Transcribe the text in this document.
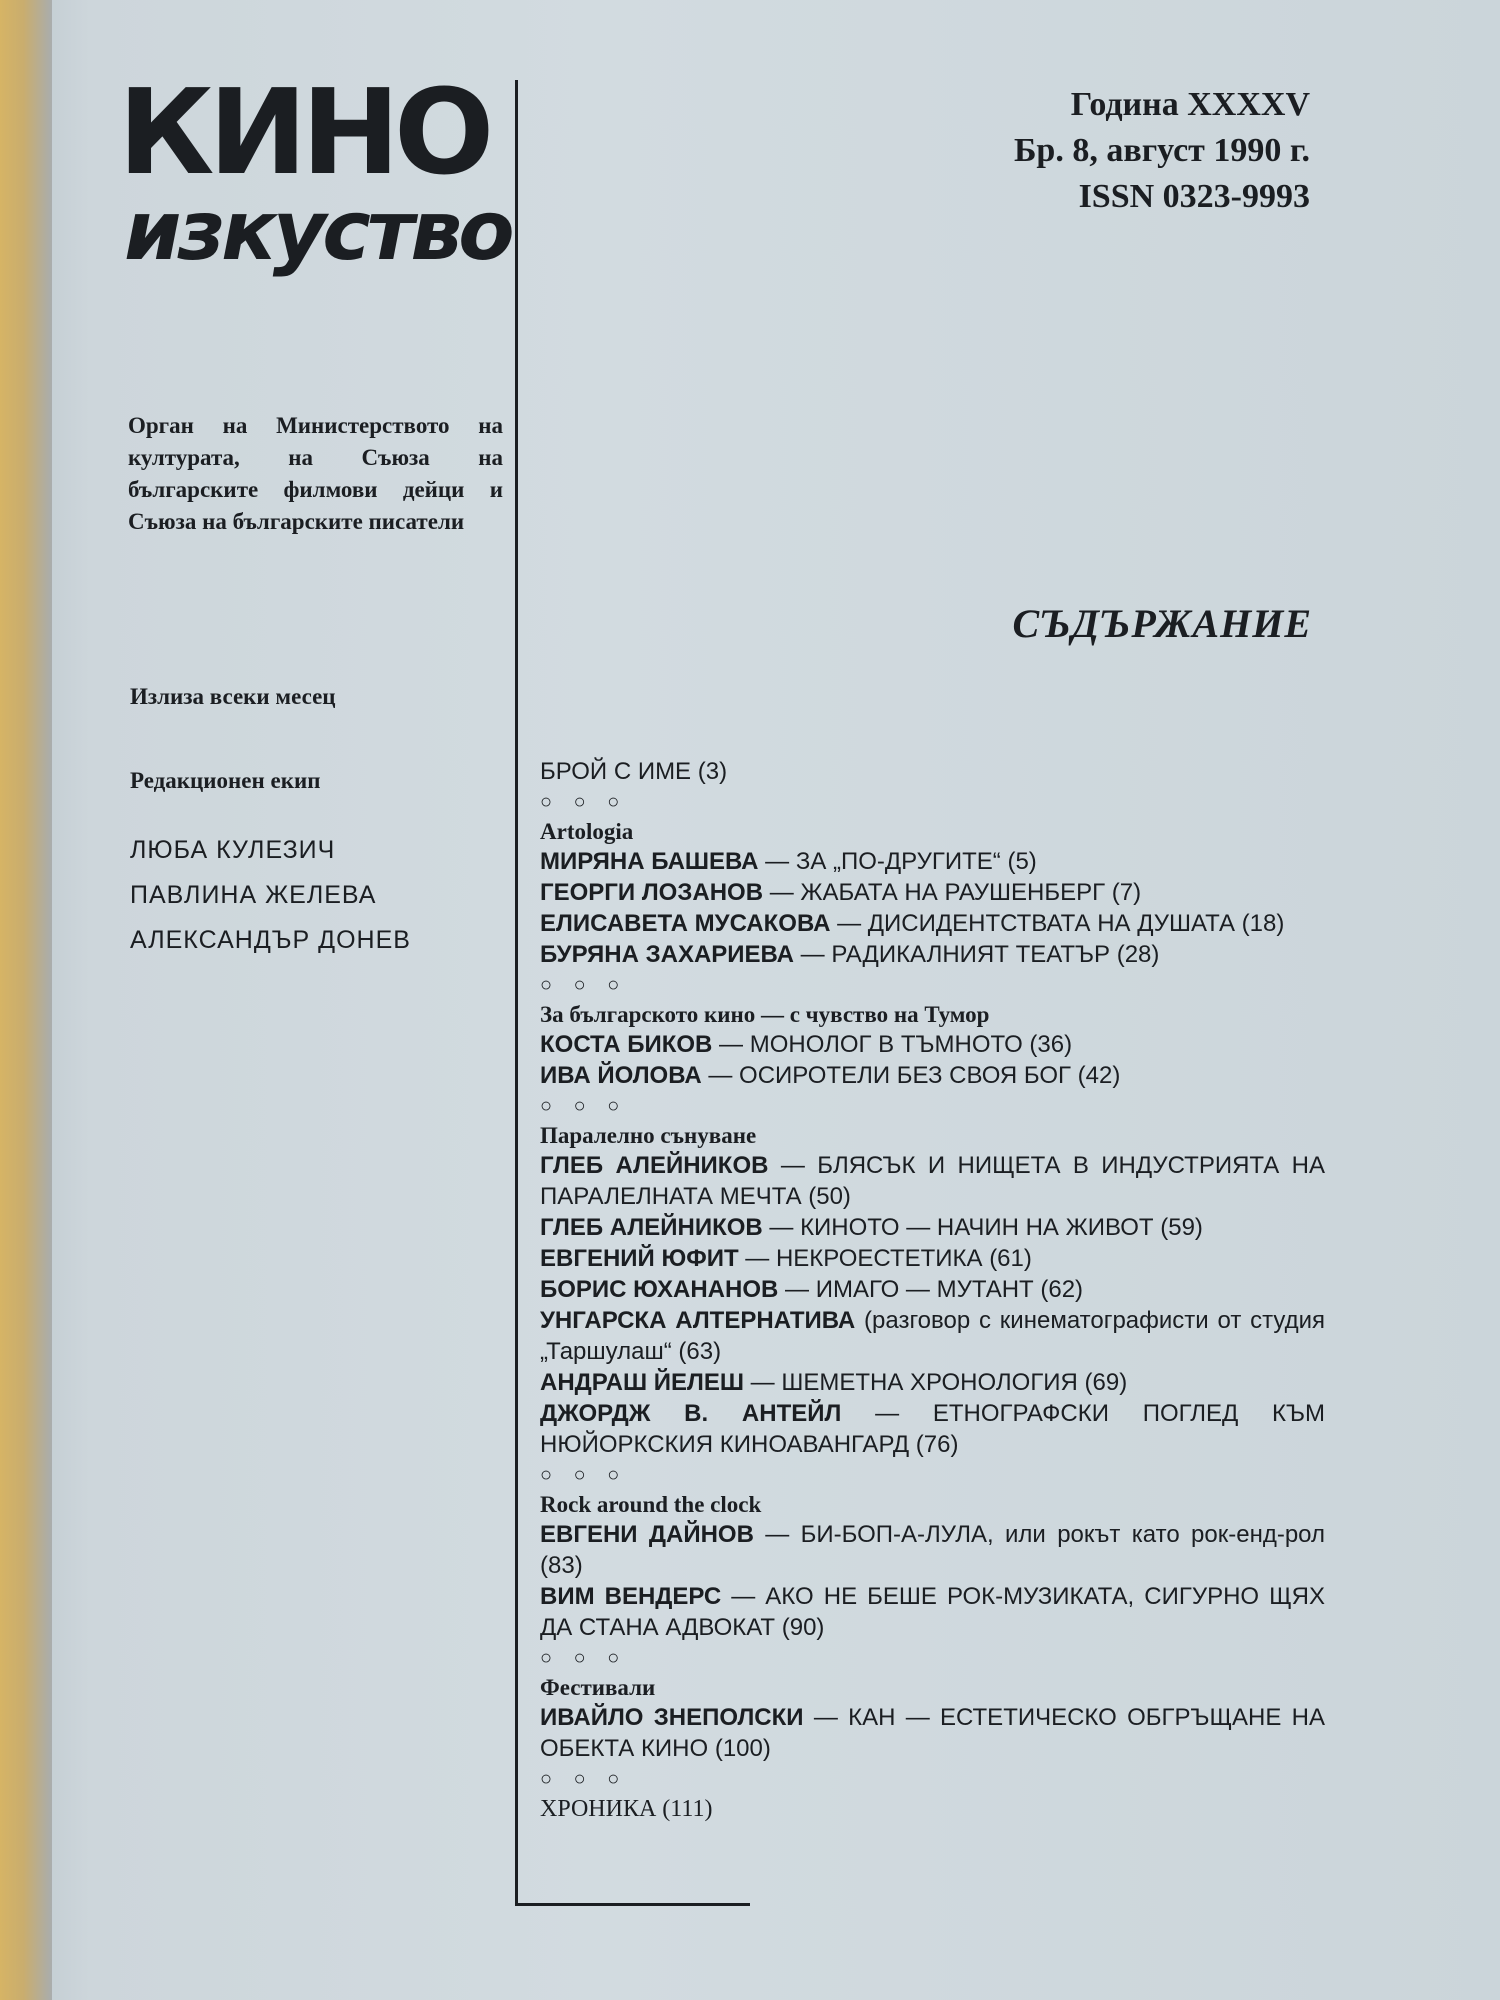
КИНО
изкуство
Орган на Министерството на културата, на Съюза на българските филмови дейци и Съюза на българските писатели
Излиза всеки месец
Редакционен екип
ЛЮБА КУЛЕЗИЧ
ПАВЛИНА ЖЕЛЕВА
АЛЕКСАНДЪР ДОНЕВ
Година XXXXV
Бр. 8, август 1990 г.
ISSN 0323-9993
СЪДЪРЖАНИЕ
БРОЙ С ИМЕ (3)
○ ○ ○
Artologia
МИРЯНА БАШЕВА — ЗА „ПО-ДРУГИТЕ“ (5)
ГЕОРГИ ЛОЗАНОВ — ЖАБАТА НА РАУШЕНБЕРГ (7)
ЕЛИСАВЕТА МУСАКОВА — ДИСИДЕНТСТВАТА НА ДУШАТА (18)
БУРЯНА ЗАХАРИЕВА — РАДИКАЛНИЯТ ТЕАТЪР (28)
○ ○ ○
За българското кино — с чувство на Тумор
КОСТА БИКОВ — МОНОЛОГ В ТЪМНОТО (36)
ИВА ЙОЛОВА — ОСИРОТЕЛИ БЕЗ СВОЯ БОГ (42)
○ ○ ○
Паралелно сънуване
ГЛЕБ АЛЕЙНИКОВ — БЛЯСЪК И НИЩЕТА В ИНДУСТРИЯТА НА ПАРАЛЕЛНАТА МЕЧТА (50)
ГЛЕБ АЛЕЙНИКОВ — КИНОТО — НАЧИН НА ЖИВОТ (59)
ЕВГЕНИЙ ЮФИТ — НЕКРОЕСТЕТИКА (61)
БОРИС ЮХАНАНОВ — ИМАГО — МУТАНТ (62)
УНГАРСКА АЛТЕРНАТИВА (разговор с кинематографисти от студия „Таршулаш“ (63)
АНДРАШ ЙЕЛЕШ — ШЕМЕТНА ХРОНОЛОГИЯ (69)
ДЖОРДЖ В. АНТЕЙЛ — ЕТНОГРАФСКИ ПОГЛЕД КЪМ НЮЙОРКСКИЯ КИНОАВАНГАРД (76)
○ ○ ○
Rock around the clock
ЕВГЕНИ ДАЙНОВ — БИ-БОП-А-ЛУЛА, или рокът като рок-енд-рол (83)
ВИМ ВЕНДЕРС — АКО НЕ БЕШЕ РОК-МУЗИКАТА, СИГУРНО ЩЯХ ДА СТАНА АДВОКАТ (90)
○ ○ ○
Фестивали
ИВАЙЛО ЗНЕПОЛСКИ — КАН — ЕСТЕТИЧЕСКО ОБГРЪЩАНЕ НА ОБЕКТА КИНО (100)
○ ○ ○
ХРОНИКА (111)
